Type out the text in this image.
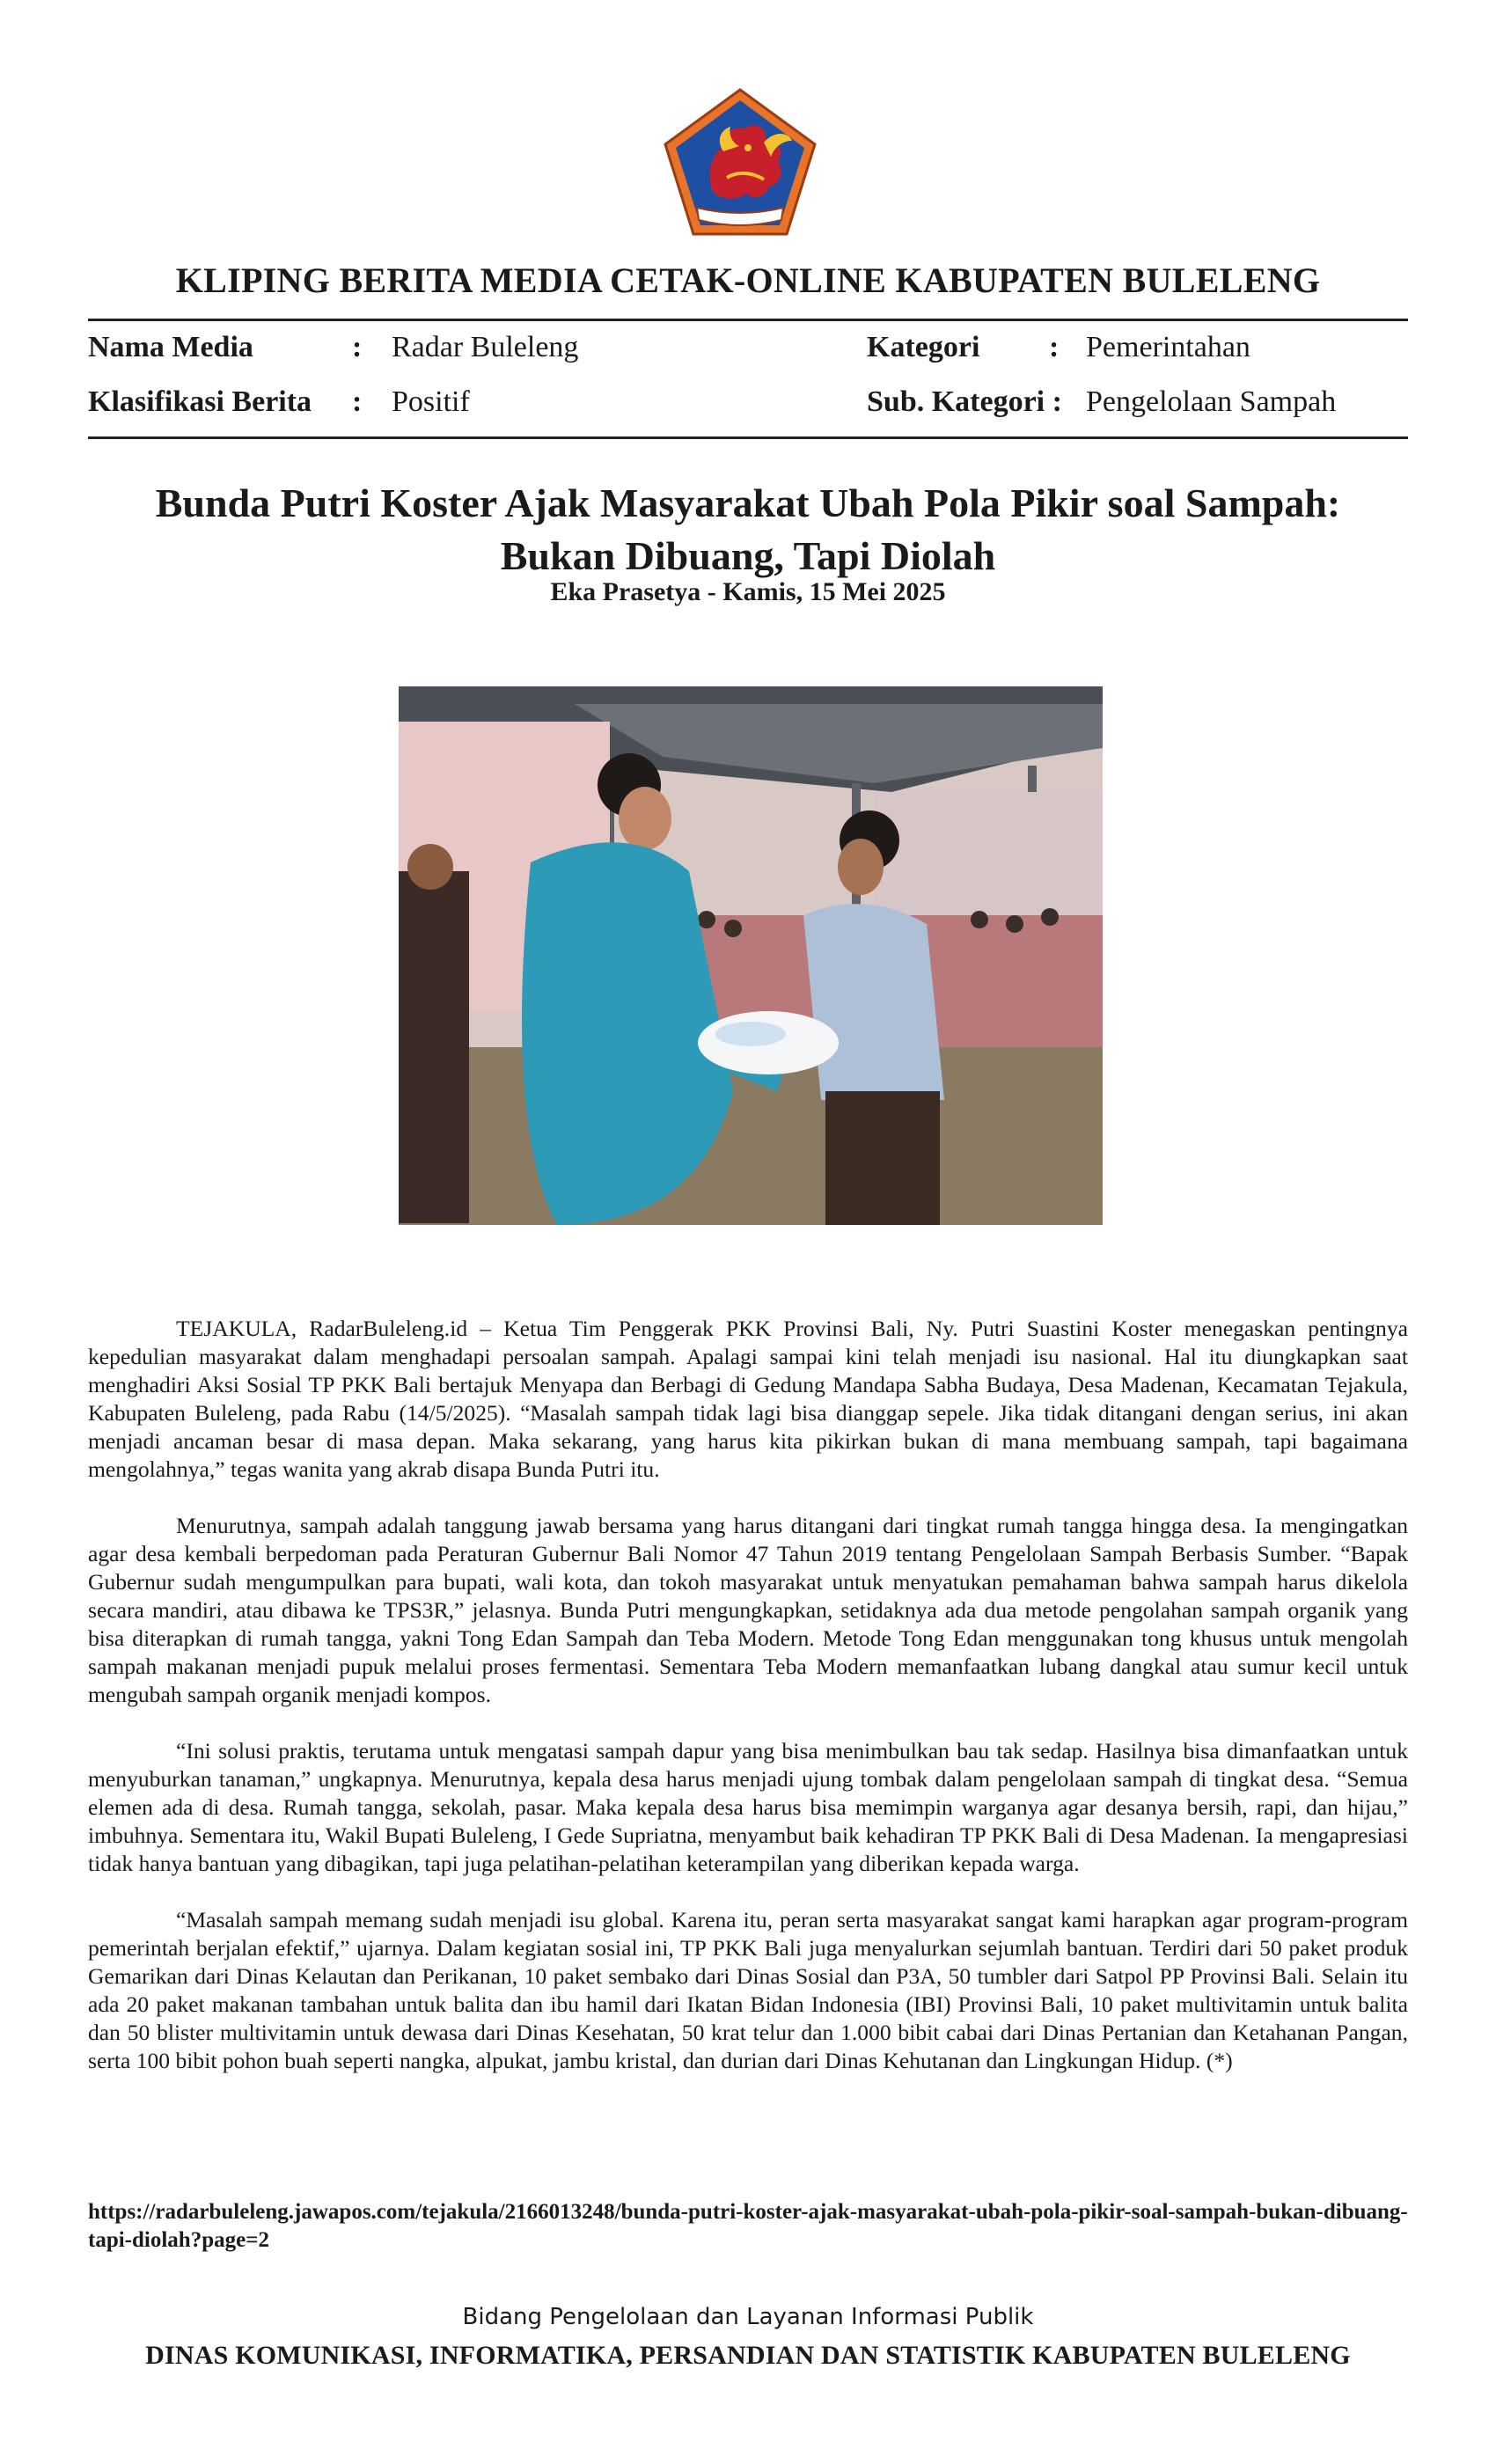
KLIPING BERITA MEDIA CETAK-ONLINE KABUPATEN BULELENG
Nama Media	: Radar Buleleng
Klasifikasi Berita : Positif
Kategori : Pemerintahan
Sub. Kategori : Pengelolaan Sampah
Bunda Putri Koster Ajak Masyarakat Ubah Pola Pikir soal Sampah:
Bukan Dibuang, Tapi Diolah

Eka Prasetya - Kamis, 15 Mei 2025

TEJAKULA, RadarBuleleng.id – Ketua Tim Penggerak PKK Provinsi Bali, Ny. Putri Suastini Koster menegaskan pentingnya kepedulian masyarakat dalam menghadapi persoalan sampah. Apalagi sampai kini telah menjadi isu nasional. Hal itu diungkapkan saat menghadiri Aksi Sosial TP PKK Bali bertajuk Menyapa dan Berbagi di Gedung Mandapa Sabha Budaya, Desa Madenan, Kecamatan Tejakula, Kabupaten Buleleng, pada Rabu (14/5/2025). “Masalah sampah tidak lagi bisa dianggap sepele. Jika tidak ditangani dengan serius, ini akan menjadi ancaman besar di masa depan. Maka sekarang, yang harus kita pikirkan bukan di mana membuang sampah, tapi bagaimana mengolahnya,” tegas wanita yang akrab disapa Bunda Putri itu.

Menurutnya, sampah adalah tanggung jawab bersama yang harus ditangani dari tingkat rumah tangga hingga desa. Ia mengingatkan agar desa kembali berpedoman pada Peraturan Gubernur Bali Nomor 47 Tahun 2019 tentang Pengelolaan Sampah Berbasis Sumber. “Bapak Gubernur sudah mengumpulkan para bupati, wali kota, dan tokoh masyarakat untuk menyatukan pemahaman bahwa sampah harus dikelola secara mandiri, atau dibawa ke TPS3R,” jelasnya. Bunda Putri mengungkapkan, setidaknya ada dua metode pengolahan sampah organik yang bisa diterapkan di rumah tangga, yakni Tong Edan Sampah dan Teba Modern. Metode Tong Edan menggunakan tong khusus untuk mengolah sampah makanan menjadi pupuk melalui proses fermentasi. Sementara Teba Modern memanfaatkan lubang dangkal atau sumur kecil untuk mengubah sampah organik menjadi kompos.

“Ini solusi praktis, terutama untuk mengatasi sampah dapur yang bisa menimbulkan bau tak sedap. Hasilnya bisa dimanfaatkan untuk menyuburkan tanaman,” ungkapnya. Menurutnya, kepala desa harus menjadi ujung tombak dalam pengelolaan sampah di tingkat desa. “Semua elemen ada di desa. Rumah tangga, sekolah, pasar. Maka kepala desa harus bisa memimpin warganya agar desanya bersih, rapi, dan hijau,” imbuhnya. Sementara itu, Wakil Bupati Buleleng, I Gede Supriatna, menyambut baik kehadiran TP PKK Bali di Desa Madenan. Ia mengapresiasi tidak hanya bantuan yang dibagikan, tapi juga pelatihan-pelatihan keterampilan yang diberikan kepada warga.

“Masalah sampah memang sudah menjadi isu global. Karena itu, peran serta masyarakat sangat kami harapkan agar program-program pemerintah berjalan efektif,” ujarnya. Dalam kegiatan sosial ini, TP PKK Bali juga menyalurkan sejumlah bantuan. Terdiri dari 50 paket produk Gemarikan dari Dinas Kelautan dan Perikanan, 10 paket sembako dari Dinas Sosial dan P3A, 50 tumbler dari Satpol PP Provinsi Bali. Selain itu ada 20 paket makanan tambahan untuk balita dan ibu hamil dari Ikatan Bidan Indonesia (IBI) Provinsi Bali, 10 paket multivitamin untuk balita dan 50 blister multivitamin untuk dewasa dari Dinas Kesehatan, 50 krat telur dan 1.000 bibit cabai dari Dinas Pertanian dan Ketahanan Pangan, serta 100 bibit pohon buah seperti nangka, alpukat, jambu kristal, dan durian dari Dinas Kehutanan dan Lingkungan Hidup. (*)

https://radarbuleleng.jawapos.com/tejakula/2166013248/bunda-putri-koster-ajak-masyarakat-ubah-pola-pikir-soal-sampah-bukan-dibuang-tapi-diolah?page=2
Bidang Pengelolaan dan Layanan Informasi Publik
DINAS KOMUNIKASI, INFORMATIKA, PERSANDIAN DAN STATISTIK KABUPATEN BULELENG
